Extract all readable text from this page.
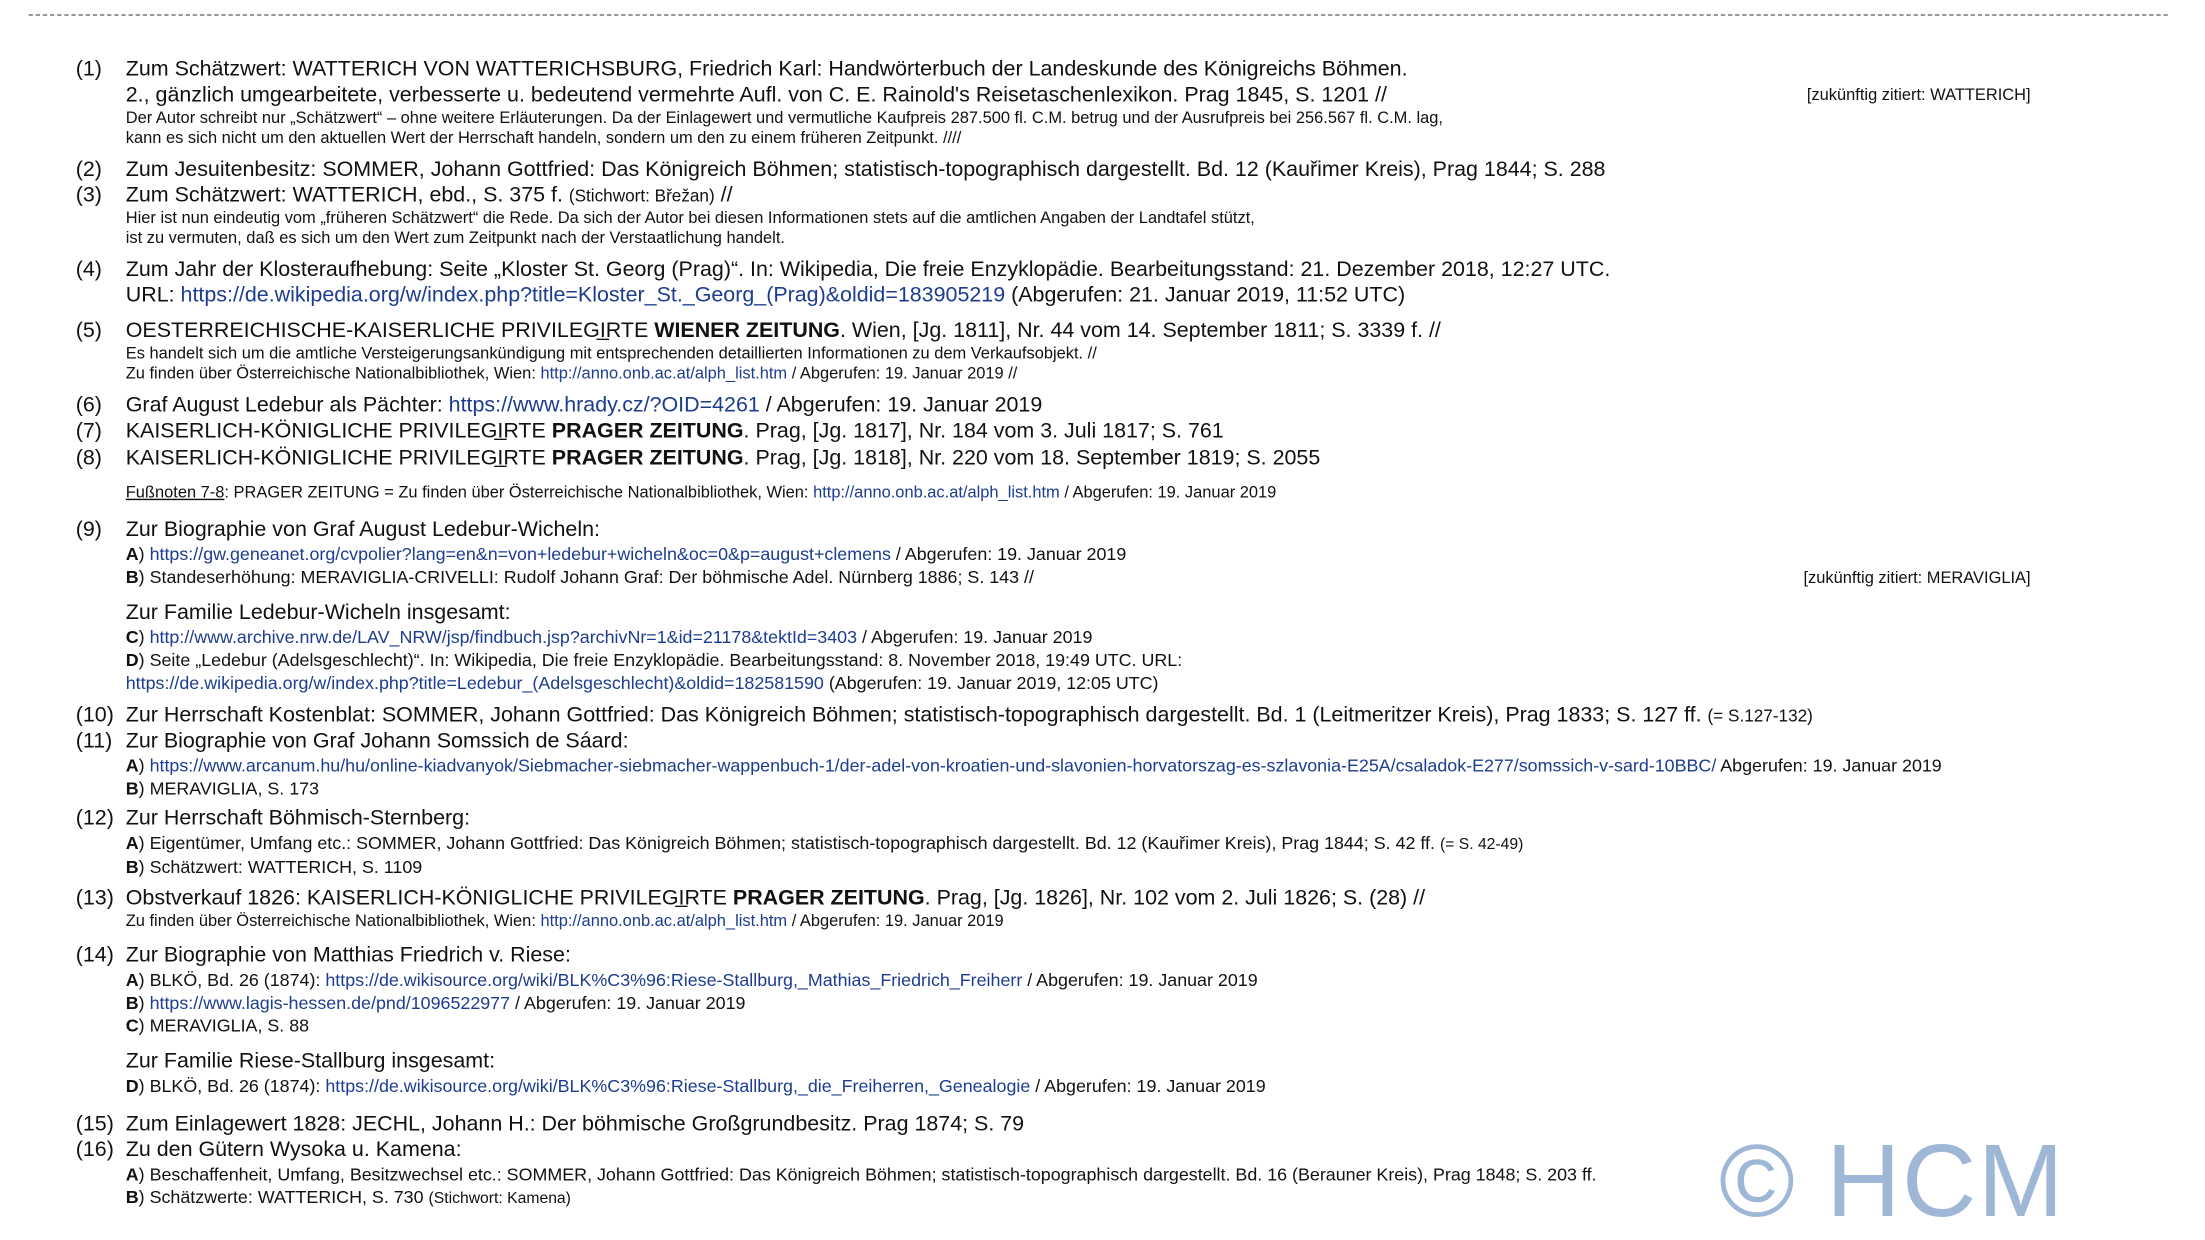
(1)	Zum Schätzwert: WATTERICH VON WATTERICHSBURG, Friedrich Karl: Handwörterbuch der Landeskunde des Königreichs Böhmen.
2., gänzlich umgearbeitete, verbesserte u. bedeutend vermehrte Aufl. von C. E. Rainold's Reisetaschenlexikon. Prag 1845, S. 1201 //
Der Autor schreibt nur „Schätzwert“ – ohne weitere Erläuterungen. Da der Einlagewert und vermutliche Kaufpreis 287.500 fl. C.M. betrug und der Ausrufpreis bei 256.567 fl. C.M. lag,
kann es sich nicht um den aktuellen Wert der Herrschaft handeln, sondern um den zu einem früheren Zeitpunkt. ////
[zukünftig zitiert: WATTERICH]
(2)	Zum Jesuitenbesitz: SOMMER, Johann Gottfried: Das Königreich Böhmen; statistisch-topographisch dargestellt. Bd. 12 (Kauřimer Kreis), Prag 1844; S. 288
(3)	Zum Schätzwert: WATTERICH, ebd., S. 375 f. (Stichwort: Břežan) //
Hier ist nun eindeutig vom „früheren Schätzwert“ die Rede. Da sich der Autor bei diesen Informationen stets auf die amtlichen Angaben der Landtafel stützt,
ist zu vermuten, daß es sich um den Wert zum Zeitpunkt nach der Verstaatlichung handelt.
(4)	Zum Jahr der Klosteraufhebung: Seite „Kloster St. Georg (Prag)“. In: Wikipedia, Die freie Enzyklopädie. Bearbeitungsstand: 21. Dezember 2018, 12:27 UTC.
URL: https://de.wikipedia.org/w/index.php?title=Kloster_St._Georg_(Prag)&oldid=183905219 (Abgerufen: 21. Januar 2019, 11:52 UTC)
(5)	OESTERREICHISCHE-KAISERLICHE PRIVILEGI̲RTE WIENER ZEITUNG. Wien, [Jg. 1811], Nr. 44 vom 14. September 1811; S. 3339 f. //
Es handelt sich um die amtliche Versteigerungsankündigung mit entsprechenden detaillierten Informationen zu dem Verkaufsobjekt. //
Zu finden über Österreichische Nationalbibliothek, Wien: http://anno.onb.ac.at/alph_list.htm / Abgerufen: 19. Januar 2019 //
(6)	Graf August Ledebur als Pächter: https://www.hrady.cz/?OID=4261 / Abgerufen: 19. Januar 2019
(7)	KAISERLICH-KÖNIGLICHE PRIVILEGI̲RTE PRAGER ZEITUNG. Prag, [Jg. 1817], Nr. 184 vom 3. Juli 1817; S. 761
(8)	KAISERLICH-KÖNIGLICHE PRIVILEGI̲RTE PRAGER ZEITUNG. Prag, [Jg. 1818], Nr. 220 vom 18. September 1819; S. 2055
Fußnoten 7-8: PRAGER ZEITUNG = Zu finden über Österreichische Nationalbibliothek, Wien: http://anno.onb.ac.at/alph_list.htm / Abgerufen: 19. Januar 2019
(9)	Zur Biographie von Graf August Ledebur-Wicheln:
A) https://gw.geneanet.org/cvpolier?lang=en&n=von+ledebur+wicheln&oc=0&p=august+clemens / Abgerufen: 19. Januar 2019
B) Standeserhöhung: MERAVIGLIA-CRIVELLI: Rudolf Johann Graf: Der böhmische Adel. Nürnberg 1886; S. 143 //
Zur Familie Ledebur-Wicheln insgesamt:
C) http://www.archive.nrw.de/LAV_NRW/jsp/findbuch.jsp?archivNr=1&id=21178&tektId=3403 / Abgerufen: 19. Januar 2019
D) Seite „Ledebur (Adelsgeschlecht)“. In: Wikipedia, Die freie Enzyklopädie. Bearbeitungsstand: 8. November 2018, 19:49 UTC. URL:
https://de.wikipedia.org/w/index.php?title=Ledebur_(Adelsgeschlecht)&oldid=182581590 (Abgerufen: 19. Januar 2019, 12:05 UTC)
[zukünftig zitiert: MERAVIGLIA]
(10) Zur Herrschaft Kostenblat: SOMMER, Johann Gottfried: Das Königreich Böhmen; statistisch-topographisch dargestellt. Bd. 1 (Leitmeritzer Kreis), Prag 1833; S. 127 ff. (= S.127-132)
(11) Zur Biographie von Graf Johann Somssich de Sáard:
A) https://www.arcanum.hu/hu/online-kiadvanyok/Siebmacher-siebmacher-wappenbuch-1/der-adel-von-kroatien-und-slavonien-horvatorszag-es-szlavonia-E25A/csaladok-E277/somssich-v-sard-10BBC/ Abgerufen: 19. Januar 2019
B) MERAVIGLIA, S. 173
(12) Zur Herrschaft Böhmisch-Sternberg:
A) Eigentümer, Umfang etc.: SOMMER, Johann Gottfried: Das Königreich Böhmen; statistisch-topographisch dargestellt. Bd. 12 (Kauřimer Kreis), Prag 1844; S. 42 ff. (= S. 42-49)
B) Schätzwert: WATTERICH, S. 1109
(13) Obstverkauf 1826: KAISERLICH-KÖNIGLICHE PRIVILEGI̲RTE PRAGER ZEITUNG. Prag, [Jg. 1826], Nr. 102 vom 2. Juli 1826; S. (28) //
Zu finden über Österreichische Nationalbibliothek, Wien: http://anno.onb.ac.at/alph_list.htm / Abgerufen: 19. Januar 2019
(14) Zur Biographie von Matthias Friedrich v. Riese:
A) BLKÖ, Bd. 26 (1874): https://de.wikisource.org/wiki/BLK%C3%96:Riese-Stallburg,_Mathias_Friedrich_Freiherr / Abgerufen: 19. Januar 2019
B) https://www.lagis-hessen.de/pnd/1096522977 / Abgerufen: 19. Januar 2019
C) MERAVIGLIA, S. 88
Zur Familie Riese-Stallburg insgesamt:
D) BLKÖ, Bd. 26 (1874): https://de.wikisource.org/wiki/BLK%C3%96:Riese-Stallburg,_die_Freiherren,_Genealogie / Abgerufen: 19. Januar 2019
(15) Zum Einlagewert 1828: JECHL, Johann H.: Der böhmische Großgrundbesitz. Prag 1874; S. 79
(16) Zu den Gütern Wysoka u. Kamena:
A) Beschaffenheit, Umfang, Besitzwechsel etc.: SOMMER, Johann Gottfried: Das Königreich Böhmen; statistisch-topographisch dargestellt. Bd. 16 (Berauner Kreis), Prag 1848; S. 203 ff.
B) Schätzwerte: WATTERICH, S. 730 (Stichwort: Kamena)	© HCM
